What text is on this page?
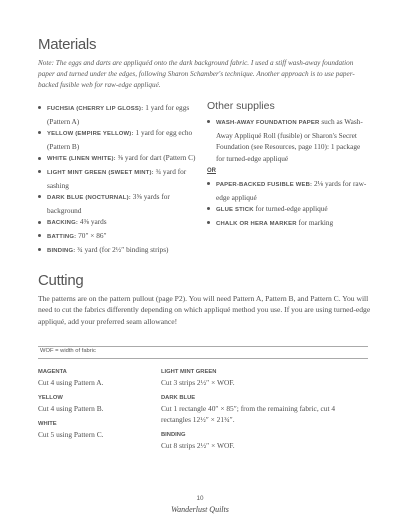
Materials
Note: The eggs and darts are appliquéd onto the dark background fabric. I used a stiff wash-away foundation paper and turned under the edges, following Sharon Schamber's technique. Another approach is to use paper-backed fusible web for raw-edge appliqué.
FUCHSIA (CHERRY LIP GLOSS): 1 yard for eggs (Pattern A)
YELLOW (EMPIRE YELLOW): 1 yard for egg echo (Pattern B)
WHITE (LINEN WHITE): ⅜ yard for dart (Pattern C)
LIGHT MINT GREEN (SWEET MINT): ¾ yard for sashing
DARK BLUE (NOCTURNAL): 3⅝ yards for background
BACKING: 4⅜ yards
BATTING: 70″ × 86″
BINDING: ¾ yard (for 2½″ binding strips)
Other supplies
WASH-AWAY FOUNDATION PAPER such as Wash-Away Appliqué Roll (fusible) or Sharon's Secret Foundation (see Resources, page 110): 1 package for turned-edge appliqué
OR
PAPER-BACKED FUSIBLE WEB: 2⅛ yards for raw-edge appliqué
GLUE STICK for turned-edge appliqué
CHALK OR HERA MARKER for marking
Cutting
The patterns are on the pattern pullout (page P2). You will need Pattern A, Pattern B, and Pattern C. You will need to cut the fabrics differently depending on which appliqué method you use. If you are using turned-edge appliqué, add your preferred seam allowance!
WOF = width of fabric
MAGENTA
Cut 4 using Pattern A.
YELLOW
Cut 4 using Pattern B.
WHITE
Cut 5 using Pattern C.
LIGHT MINT GREEN
Cut 3 strips 2½″ × WOF.
DARK BLUE
Cut 1 rectangle 40″ × 85″; from the remaining fabric, cut 4 rectangles 12½″ × 21¾″.
BINDING
Cut 8 strips 2½″ × WOF.
10
Wanderlust Quilts
